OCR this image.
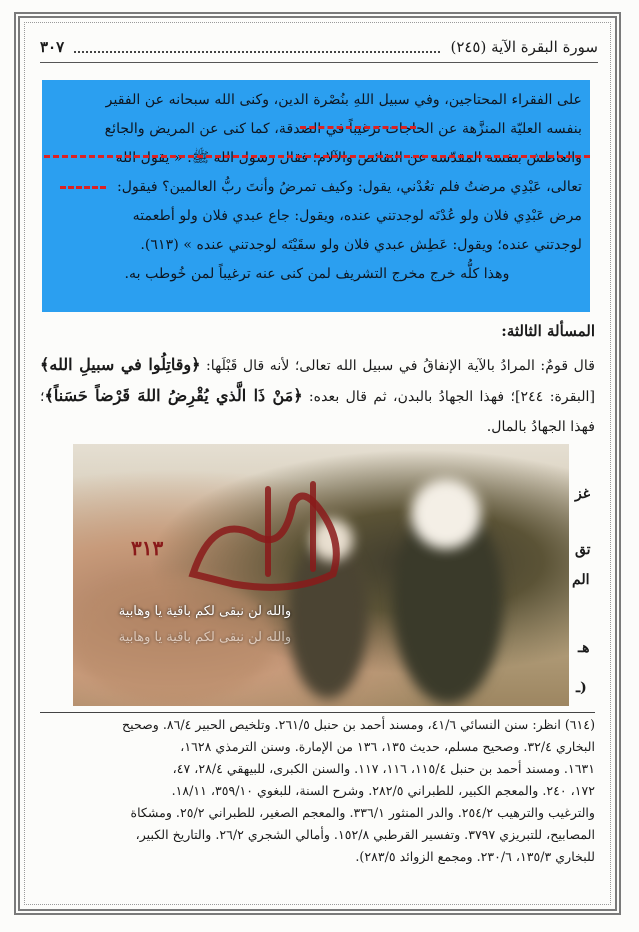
سورة البقرة الآية (٢٤٥)
٣٠٧
على الفقراء المحتاجين، وفي سبيل اللهِ بنُصْرة الدين، وكنى الله سبحانه عن الفقير
بنفسه العليّة المنزَّهة عن الحاجات ترغيباً في الصدقة، كما كنى عن المريض والجائع
والعاطش بنفسه المقدّسة عن النقائص والآلام؛ فقال رسول الله ﷺ: « يقول الله
تعالى، عَبْدِي مرضتُ فلم تعُدْني، يقول: وكيف تمرضُ وأنتَ ربُّ العالمين؟ فيقول:
مرض عَبْدِي فلان ولو عُدْتَه لوجدتني عنده، ويقول: جاع عبدي فلان ولو أطعمته
لوجدتني عنده؛ ويقول: عَطِش عبدي فلان ولو سقَيْتَه لوجدتني عنده » (٦١٣).
وهذا كلُّه خرج مخرج التشريف لمن كنى عنه ترغيباً لمن خُوطب به.
المسألة الثالثة:
قال قومٌ: المرادُ بالآية الإنفاقُ في سبيل الله تعالى؛ لأنه قال قَبْلَها: ﴿وقاتِلُوا في سبيلِ الله﴾ [البقرة: ٢٤٤]؛ فهذا الجهادُ بالبدن، ثم قال بعده: ﴿مَنْ ذَا الَّذي يُقْرِضُ اللهَ قَرْضاً حَسَناً﴾؛ فهذا الجهادُ بالمال.
غز
تق
الم
هـ
(ـ
الطالب
٣١٣
والله لن نبقى لكم باقية يا وهابية
والله لن نبقى لكم باقية يا وهابية
(٦١٤) انظر: سنن النسائي ٤١/٦، ومسند أحمد بن حنبل ٢٦١/٥. وتلخيص الحبير ٨٦/٤. وصحيح
البخاري ٣٢/٤. وصحيح مسلم، حديث ١٣٥، ١٣٦ من الإمارة. وسنن الترمذي ١٦٢٨،
١٦٣١. ومسند أحمد بن حنبل ١١٥/٤، ١١٦، ١١٧. والسنن الكبرى، للبيهقي ٢٨/٤، ٤٧،
١٧٢، ٢٤٠. والمعجم الكبير، للطبراني ٢٨٢/٥. وشرح السنة، للبغوي ٣٥٩/١٠، ١٨/١١.
والترغيب والترهيب ٢٥٤/٢. والدر المنثور ٣٣٦/١. والمعجم الصغير، للطبراني ٢٥/٢. ومشكاة
المصابيح، للتبريزي ٣٧٩٧. وتفسير القرطبي ١٥٢/٨. وأمالي الشجري ٢٦/٢. والتاريخ الكبير،
للبخاري ١٣٥/٣، ٢٣٠/٦. ومجمع الزوائد ٢٨٣/٥).
